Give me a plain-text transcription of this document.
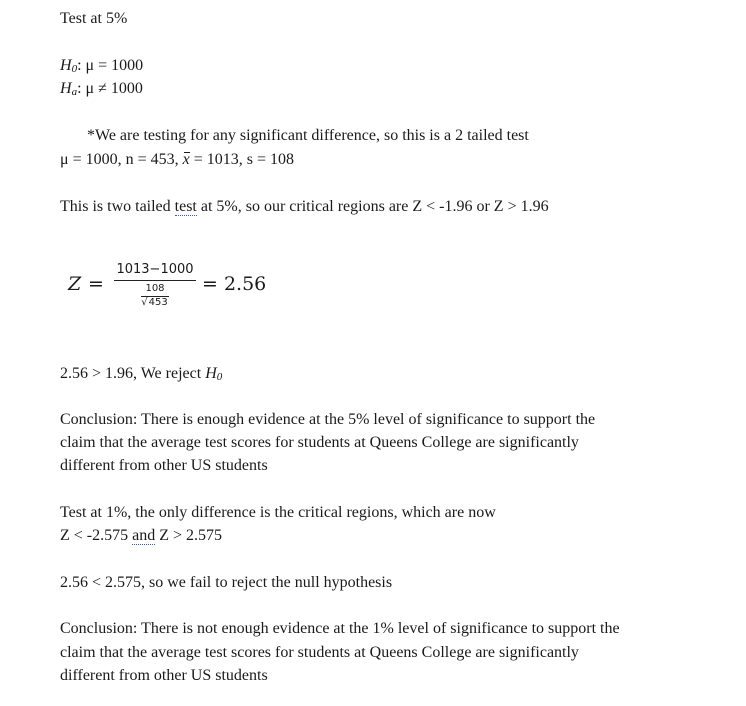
Test at 5%
H0: μ = 1000
Ha: μ ≠ 1000
*We are testing for any significant difference, so this is a 2 tailed test
μ = 1000, n = 453, x = 1013, s = 108
This is two tailed test at 5%, so our critical regions are Z < -1.96 or Z > 1.96
Z =
1013−1000
108
√453
= 2.56
2.56 > 1.96, We reject H0
Conclusion: There is enough evidence at the 5% level of significance to support the
claim that the average test scores for students at Queens College are significantly
different from other US students
Test at 1%, the only difference is the critical regions, which are now
Z < -2.575 and Z > 2.575
2.56 < 2.575, so we fail to reject the null hypothesis
Conclusion: There is not enough evidence at the 1% level of significance to support the
claim that the average test scores for students at Queens College are significantly
different from other US students
